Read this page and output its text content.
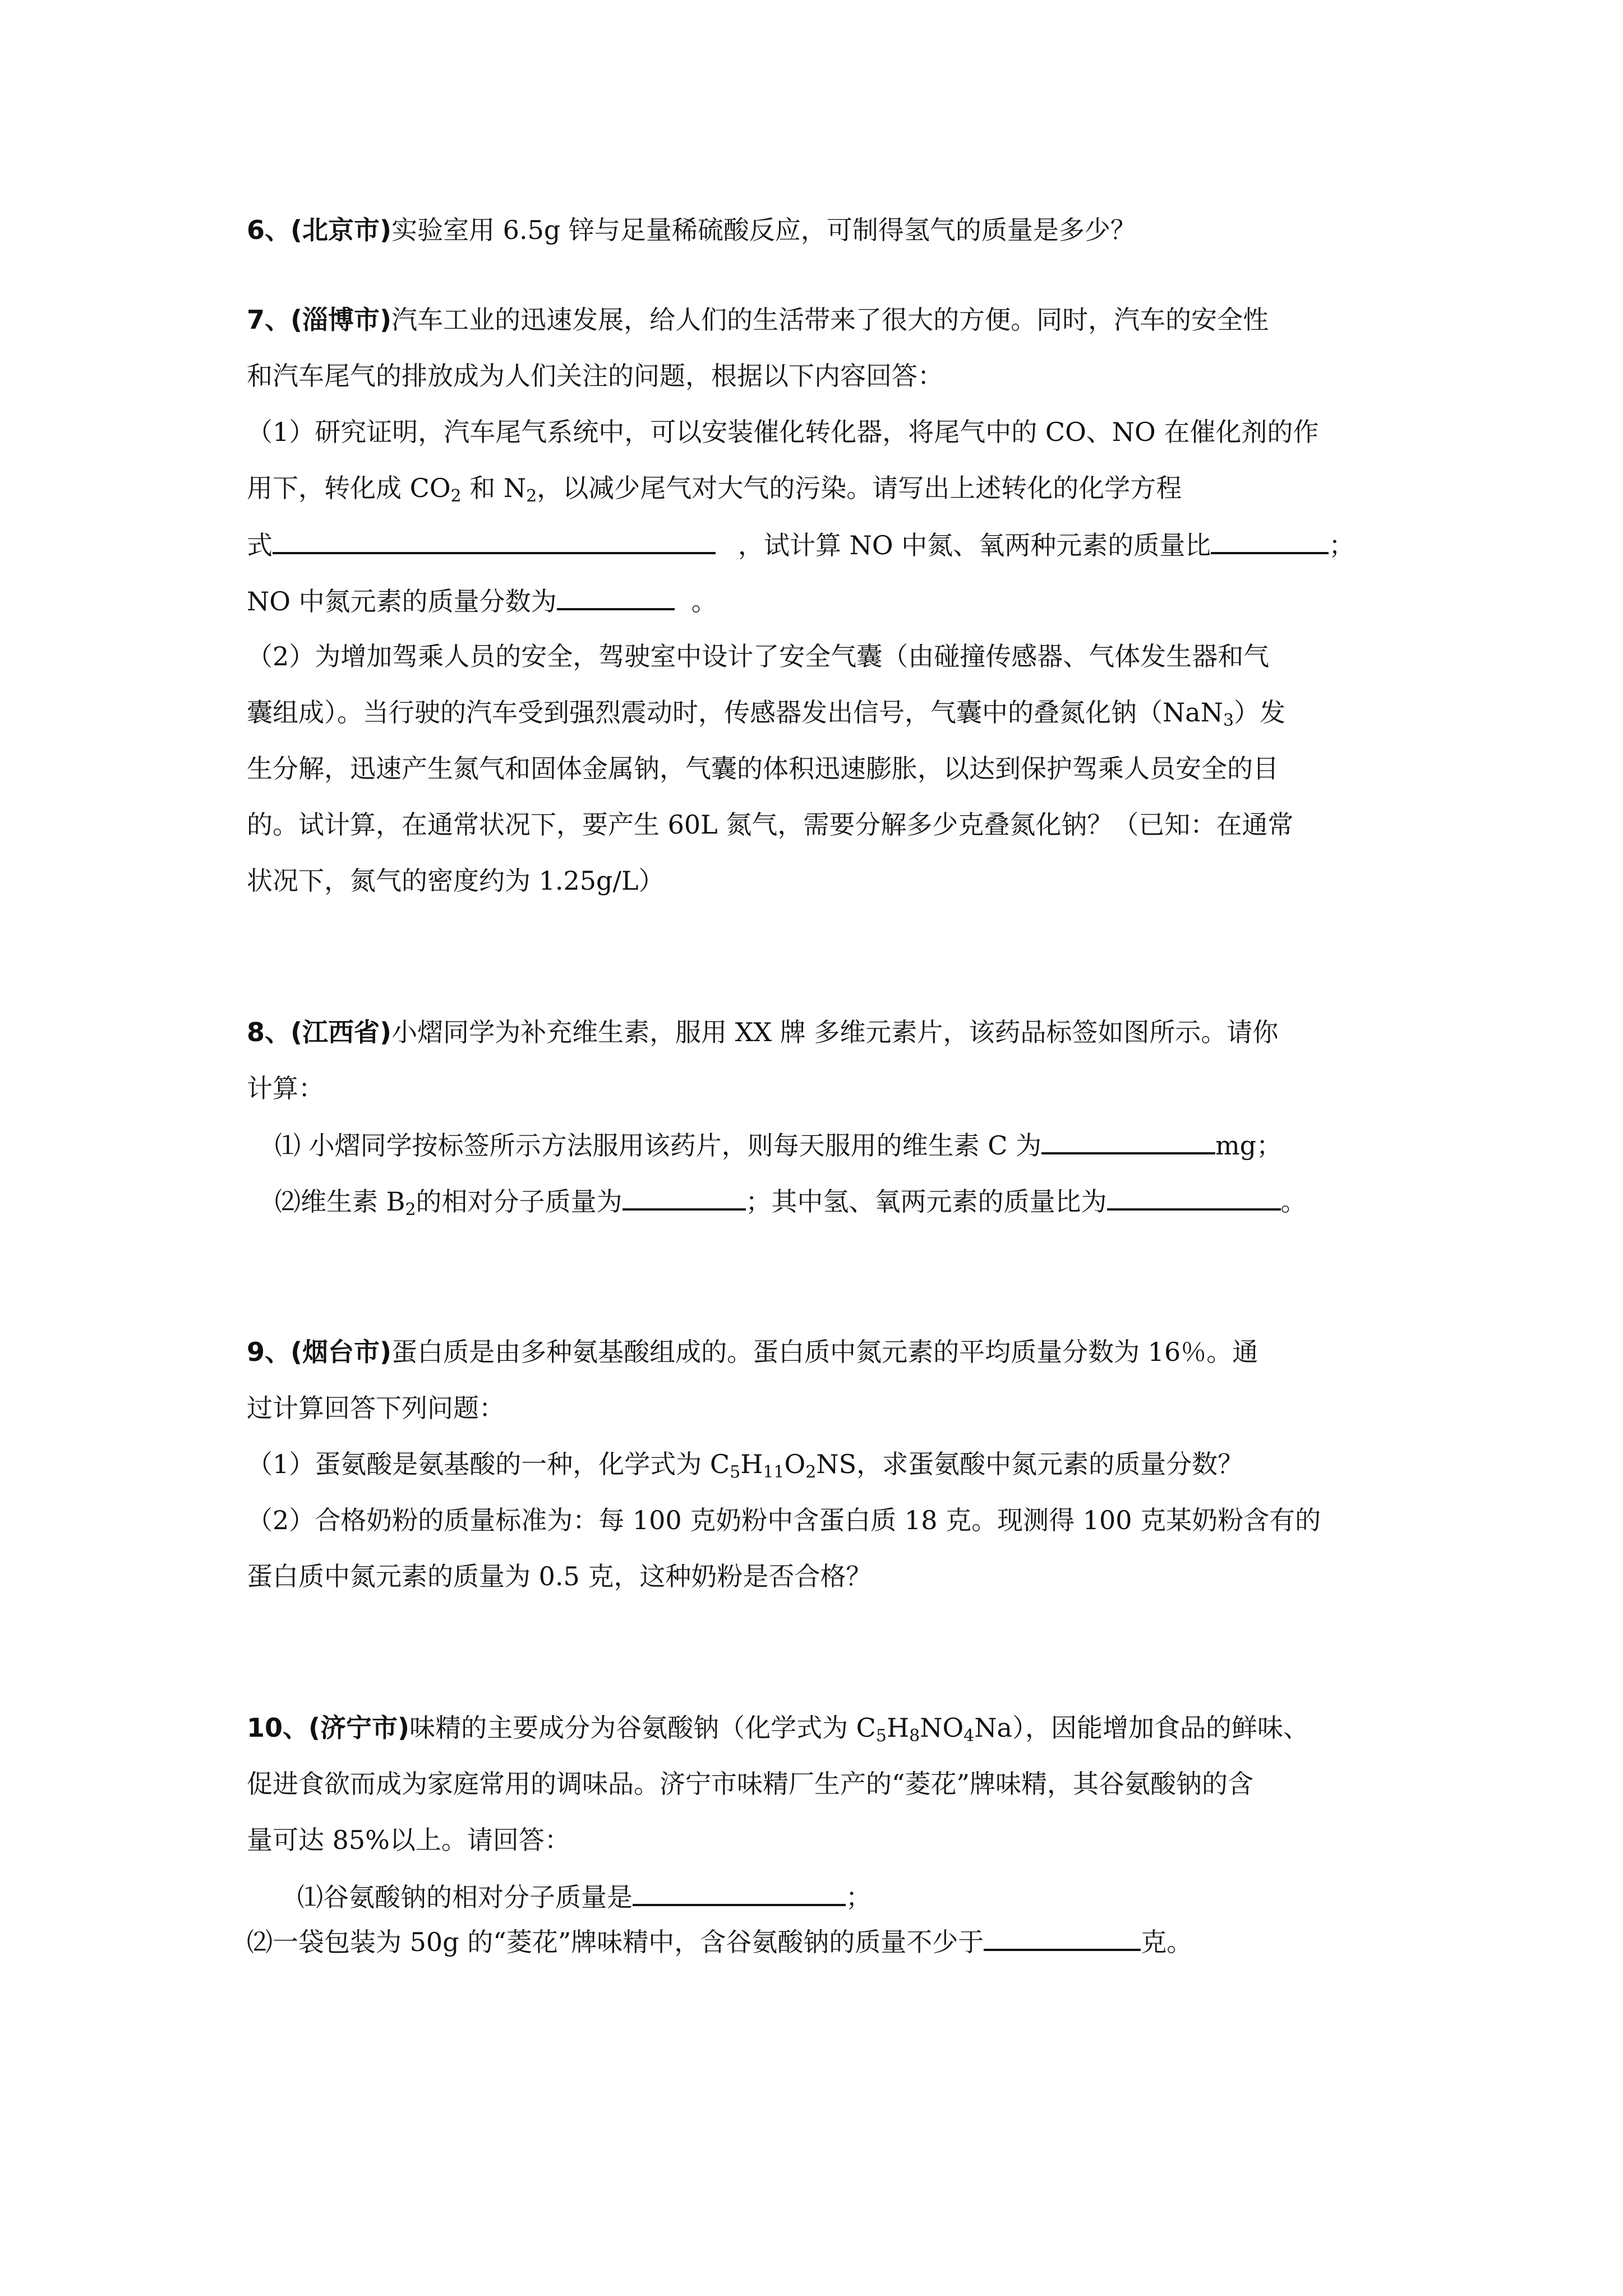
6、(北京市)实验室用 6.5g 锌与足量稀硫酸反应，可制得氢气的质量是多少？
7、(淄博市)汽车工业的迅速发展，给人们的生活带来了很大的方便。同时，汽车的安全性
和汽车尾气的排放成为人们关注的问题，根据以下内容回答：
（1）研究证明，汽车尾气系统中，可以安装催化转化器，将尾气中的 CO、NO 在催化剂的作
用下，转化成 $CO_2$ 和 $N_2$，以减少尾气对大气的污染。请写出上述转化的化学方程
式	，试计算 NO 中氮、氧两种元素的质量比	；
NO 中氮元素的质量分数为	。
（2）为增加驾乘人员的安全，驾驶室中设计了安全气囊（由碰撞传感器、气体发生器和气
囊组成）。当行驶的汽车受到强烈震动时，传感器发出信号，气囊中的叠氮化钠（NaN$_3$）发
生分解，迅速产生氮气和固体金属钠，气囊的体积迅速膨胀，以达到保护驾乘人员安全的目
的。试计算，在通常状况下，要产生 60L 氮气，需要分解多少克叠氮化钠？（已知：在通常
状况下，氮气的密度约为 1.25g/L）
8、(江西省)小熠同学为补充维生素，服用 XX 牌 多维元素片，该药品标签如图所示。请你
计算：
⑴ 小熠同学按标签所示方法服用该药片，则每天服用的维生素 C 为	mg；
⑵维生素 $B_2$的相对分子质量为	；其中氢、氧两元素的质量比为	。
9、(烟台市)蛋白质是由多种氨基酸组成的。蛋白质中氮元素的平均质量分数为 16％。通
过计算回答下列问题：
（1）蛋氨酸是氨基酸的一种，化学式为 $C_5H_{11}O_2NS$，求蛋氨酸中氮元素的质量分数？
（2）合格奶粉的质量标准为：每 100 克奶粉中含蛋白质 18 克。现测得 100 克某奶粉含有的
蛋白质中氮元素的质量为 0.5 克，这种奶粉是否合格？
10、(济宁市)味精的主要成分为谷氨酸钠（化学式为 $C_5H_8NO_4Na$），因能增加食品的鲜味、
促进食欲而成为家庭常用的调味品。济宁市味精厂生产的“菱花”牌味精，其谷氨酸钠的含
量可达 85%以上。请回答：
⑴谷氨酸钠的相对分子质量是	；
⑵一袋包装为 50g 的“菱花”牌味精中，含谷氨酸钠的质量不少于	克。
